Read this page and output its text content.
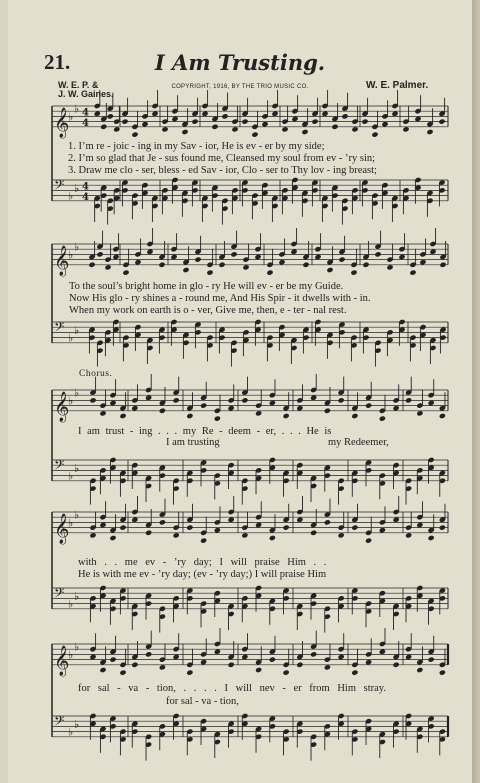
21.	I Am Trusting.
W. E. P. &
J. W. Gaines.
COPYRIGHT, 1916, BY THE TRIO MUSIC CO.	W. E. Palmer.
𝄞
♭
♭ 4
4
𝄢
♭
♭ 4
4
𝄞
♭
♭
𝄢
♭
♭
𝄞
♭
♭
𝄢
♭
♭
𝄞
♭
♭
𝄢
♭
♭
𝄞
♭
♭
𝄢
♭
♭
1. I’m re - joic - ing in my Sav - ior, He is ev - er by my side;
2. I’m so glad that Je - sus found me, Cleansed my soul from ev - ’ry sin;
3. Draw me clo - ser, bless - ed Sav - ior, Clo - ser to Thy lov - ing breast;
To the soul’s bright home in glo - ry He will ev - er be my Guide.
Now His glo - ry shines a - round me, And His Spir - it dwells with - in.
When my work on earth is o - ver, Give me, then, e - ter - nal rest.
Chorus.
I am trust - ing . . . my Re - deem - er, . . . He is
I am trusting	my Redeemer,
with . . me ev - ’ry day; I will praise Him . .
He is with me ev - ’ry day; (ev - ’ry day;) I will praise Him
for sal - va - tion, . . . . I will nev - er from Him stray.
for sal - va - tion,
